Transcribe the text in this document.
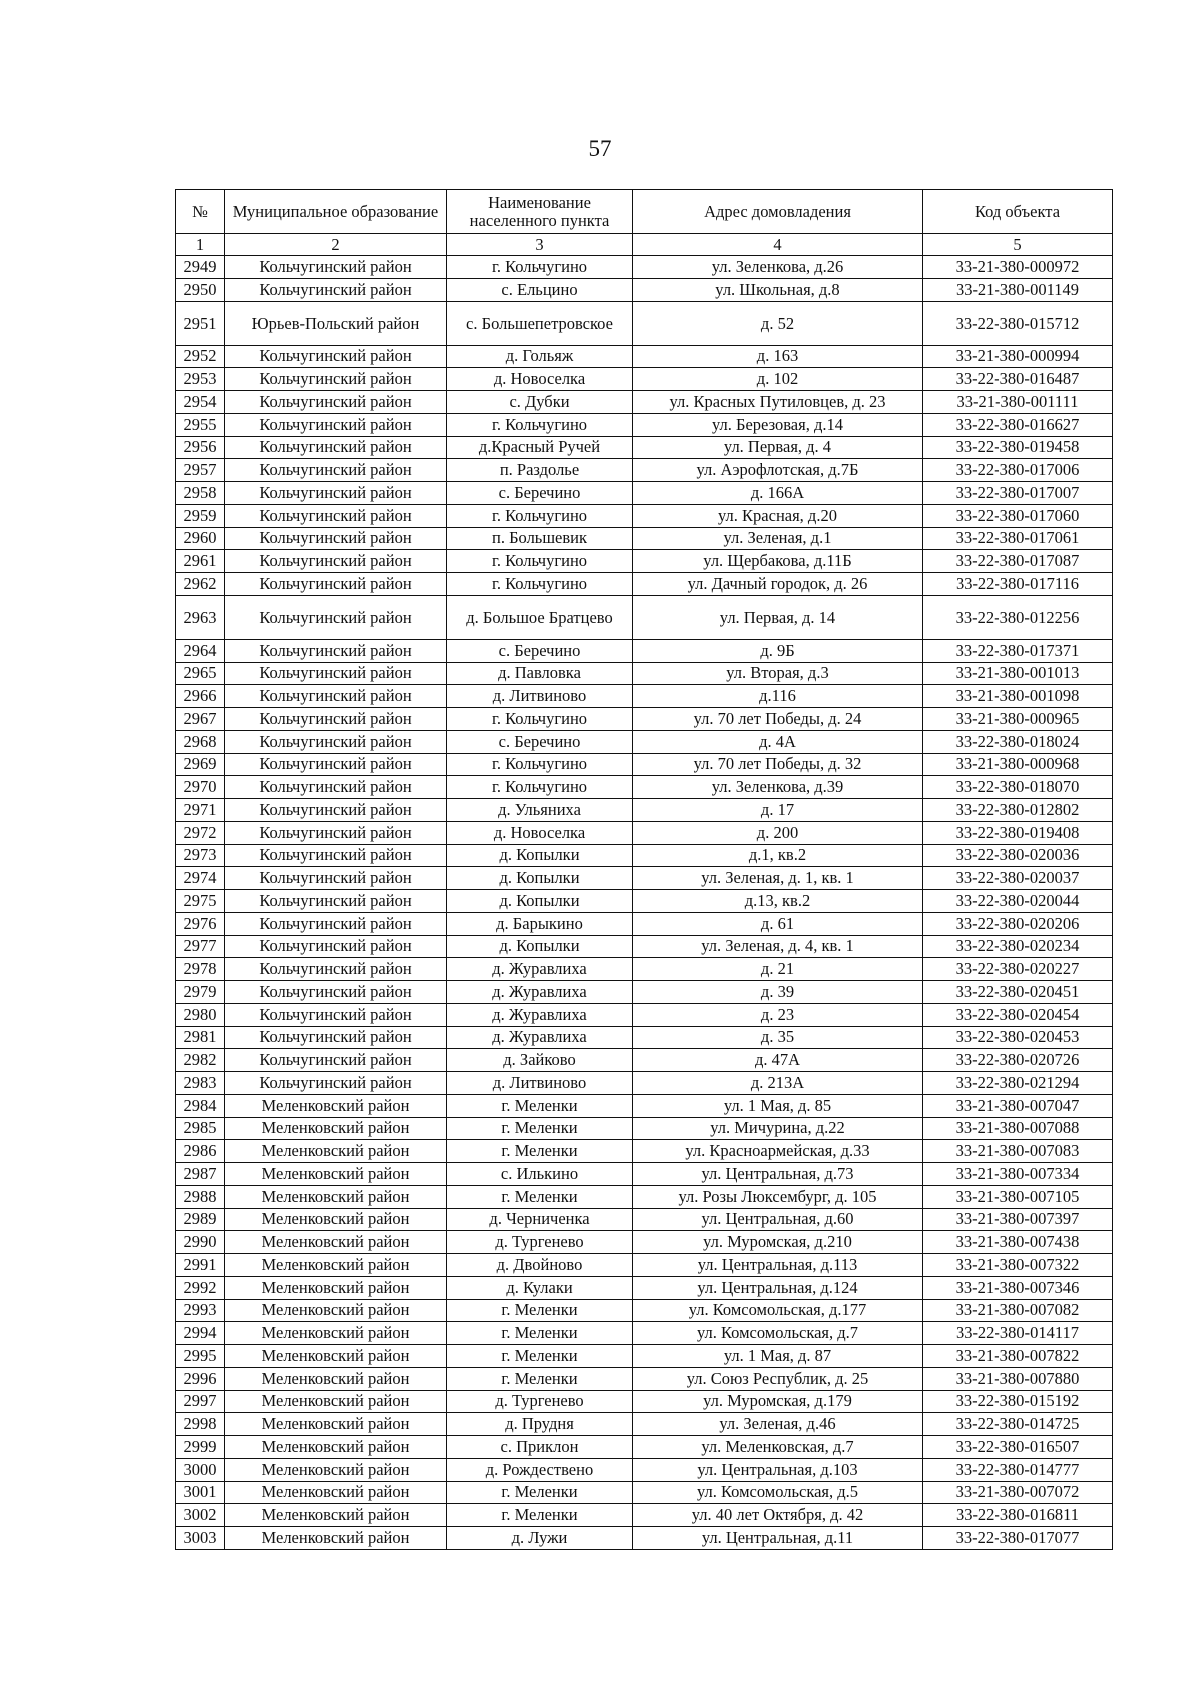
57
№	Муниципальное образование	Наименование населенного пункта	Адрес домовладения	Код объекта
1	2	3	4	5
2949	Кольчугинский район	г. Кольчугино	ул. Зеленкова, д.26	33-21-380-000972
2950	Кольчугинский район	с. Ельцино	ул. Школьная, д.8	33-21-380-001149
2951	Юрьев-Польский район	с. Большепетровское	д. 52	33-22-380-015712
2952	Кольчугинский район	д. Гольяж	д. 163	33-21-380-000994
2953	Кольчугинский район	д. Новоселка	д. 102	33-22-380-016487
2954	Кольчугинский район	с. Дубки	ул. Красных Путиловцев, д. 23	33-21-380-001111
2955	Кольчугинский район	г. Кольчугино	ул. Березовая, д.14	33-22-380-016627
2956	Кольчугинский район	д.Красный Ручей	ул. Первая, д. 4	33-22-380-019458
2957	Кольчугинский район	п. Раздолье	ул. Аэрофлотская, д.7Б	33-22-380-017006
2958	Кольчугинский район	с. Беречино	д. 166А	33-22-380-017007
2959	Кольчугинский район	г. Кольчугино	ул. Красная, д.20	33-22-380-017060
2960	Кольчугинский район	п. Большевик	ул. Зеленая, д.1	33-22-380-017061
2961	Кольчугинский район	г. Кольчугино	ул. Щербакова, д.11Б	33-22-380-017087
2962	Кольчугинский район	г. Кольчугино	ул. Дачный городок, д. 26	33-22-380-017116
2963	Кольчугинский район	д. Большое Братцево	ул. Первая, д. 14	33-22-380-012256
2964	Кольчугинский район	с. Беречино	д. 9Б	33-22-380-017371
2965	Кольчугинский район	д. Павловка	ул. Вторая, д.3	33-21-380-001013
2966	Кольчугинский район	д. Литвиново	д.116	33-21-380-001098
2967	Кольчугинский район	г. Кольчугино	ул. 70 лет Победы, д. 24	33-21-380-000965
2968	Кольчугинский район	с. Беречино	д. 4А	33-22-380-018024
2969	Кольчугинский район	г. Кольчугино	ул. 70 лет Победы, д. 32	33-21-380-000968
2970	Кольчугинский район	г. Кольчугино	ул. Зеленкова, д.39	33-22-380-018070
2971	Кольчугинский район	д. Ульяниха	д. 17	33-22-380-012802
2972	Кольчугинский район	д. Новоселка	д. 200	33-22-380-019408
2973	Кольчугинский район	д. Копылки	д.1, кв.2	33-22-380-020036
2974	Кольчугинский район	д. Копылки	ул. Зеленая, д. 1, кв. 1	33-22-380-020037
2975	Кольчугинский район	д. Копылки	д.13, кв.2	33-22-380-020044
2976	Кольчугинский район	д. Барыкино	д. 61	33-22-380-020206
2977	Кольчугинский район	д. Копылки	ул. Зеленая, д. 4, кв. 1	33-22-380-020234
2978	Кольчугинский район	д. Журавлиха	д. 21	33-22-380-020227
2979	Кольчугинский район	д. Журавлиха	д. 39	33-22-380-020451
2980	Кольчугинский район	д. Журавлиха	д. 23	33-22-380-020454
2981	Кольчугинский район	д. Журавлиха	д. 35	33-22-380-020453
2982	Кольчугинский район	д. Зайково	д. 47А	33-22-380-020726
2983	Кольчугинский район	д. Литвиново	д. 213А	33-22-380-021294
2984	Меленковский район	г. Меленки	ул. 1 Мая, д. 85	33-21-380-007047
2985	Меленковский район	г. Меленки	ул. Мичурина, д.22	33-21-380-007088
2986	Меленковский район	г. Меленки	ул. Красноармейская, д.33	33-21-380-007083
2987	Меленковский район	с. Илькино	ул. Центральная, д.73	33-21-380-007334
2988	Меленковский район	г. Меленки	ул. Розы Люксембург, д. 105	33-21-380-007105
2989	Меленковский район	д. Черниченка	ул. Центральная, д.60	33-21-380-007397
2990	Меленковский район	д. Тургенево	ул. Муромская, д.210	33-21-380-007438
2991	Меленковский район	д. Двойново	ул. Центральная, д.113	33-21-380-007322
2992	Меленковский район	д. Кулаки	ул. Центральная, д.124	33-21-380-007346
2993	Меленковский район	г. Меленки	ул. Комсомольская, д.177	33-21-380-007082
2994	Меленковский район	г. Меленки	ул. Комсомольская, д.7	33-22-380-014117
2995	Меленковский район	г. Меленки	ул. 1 Мая, д. 87	33-21-380-007822
2996	Меленковский район	г. Меленки	ул. Союз Республик, д. 25	33-21-380-007880
2997	Меленковский район	д. Тургенево	ул. Муромская, д.179	33-22-380-015192
2998	Меленковский район	д. Прудня	ул. Зеленая, д.46	33-22-380-014725
2999	Меленковский район	с. Приклон	ул. Меленковская, д.7	33-22-380-016507
3000	Меленковский район	д. Рождествено	ул. Центральная, д.103	33-22-380-014777
3001	Меленковский район	г. Меленки	ул. Комсомольская, д.5	33-21-380-007072
3002	Меленковский район	г. Меленки	ул. 40 лет Октября, д. 42	33-22-380-016811
3003	Меленковский район	д. Лужи	ул. Центральная, д.11	33-22-380-017077
